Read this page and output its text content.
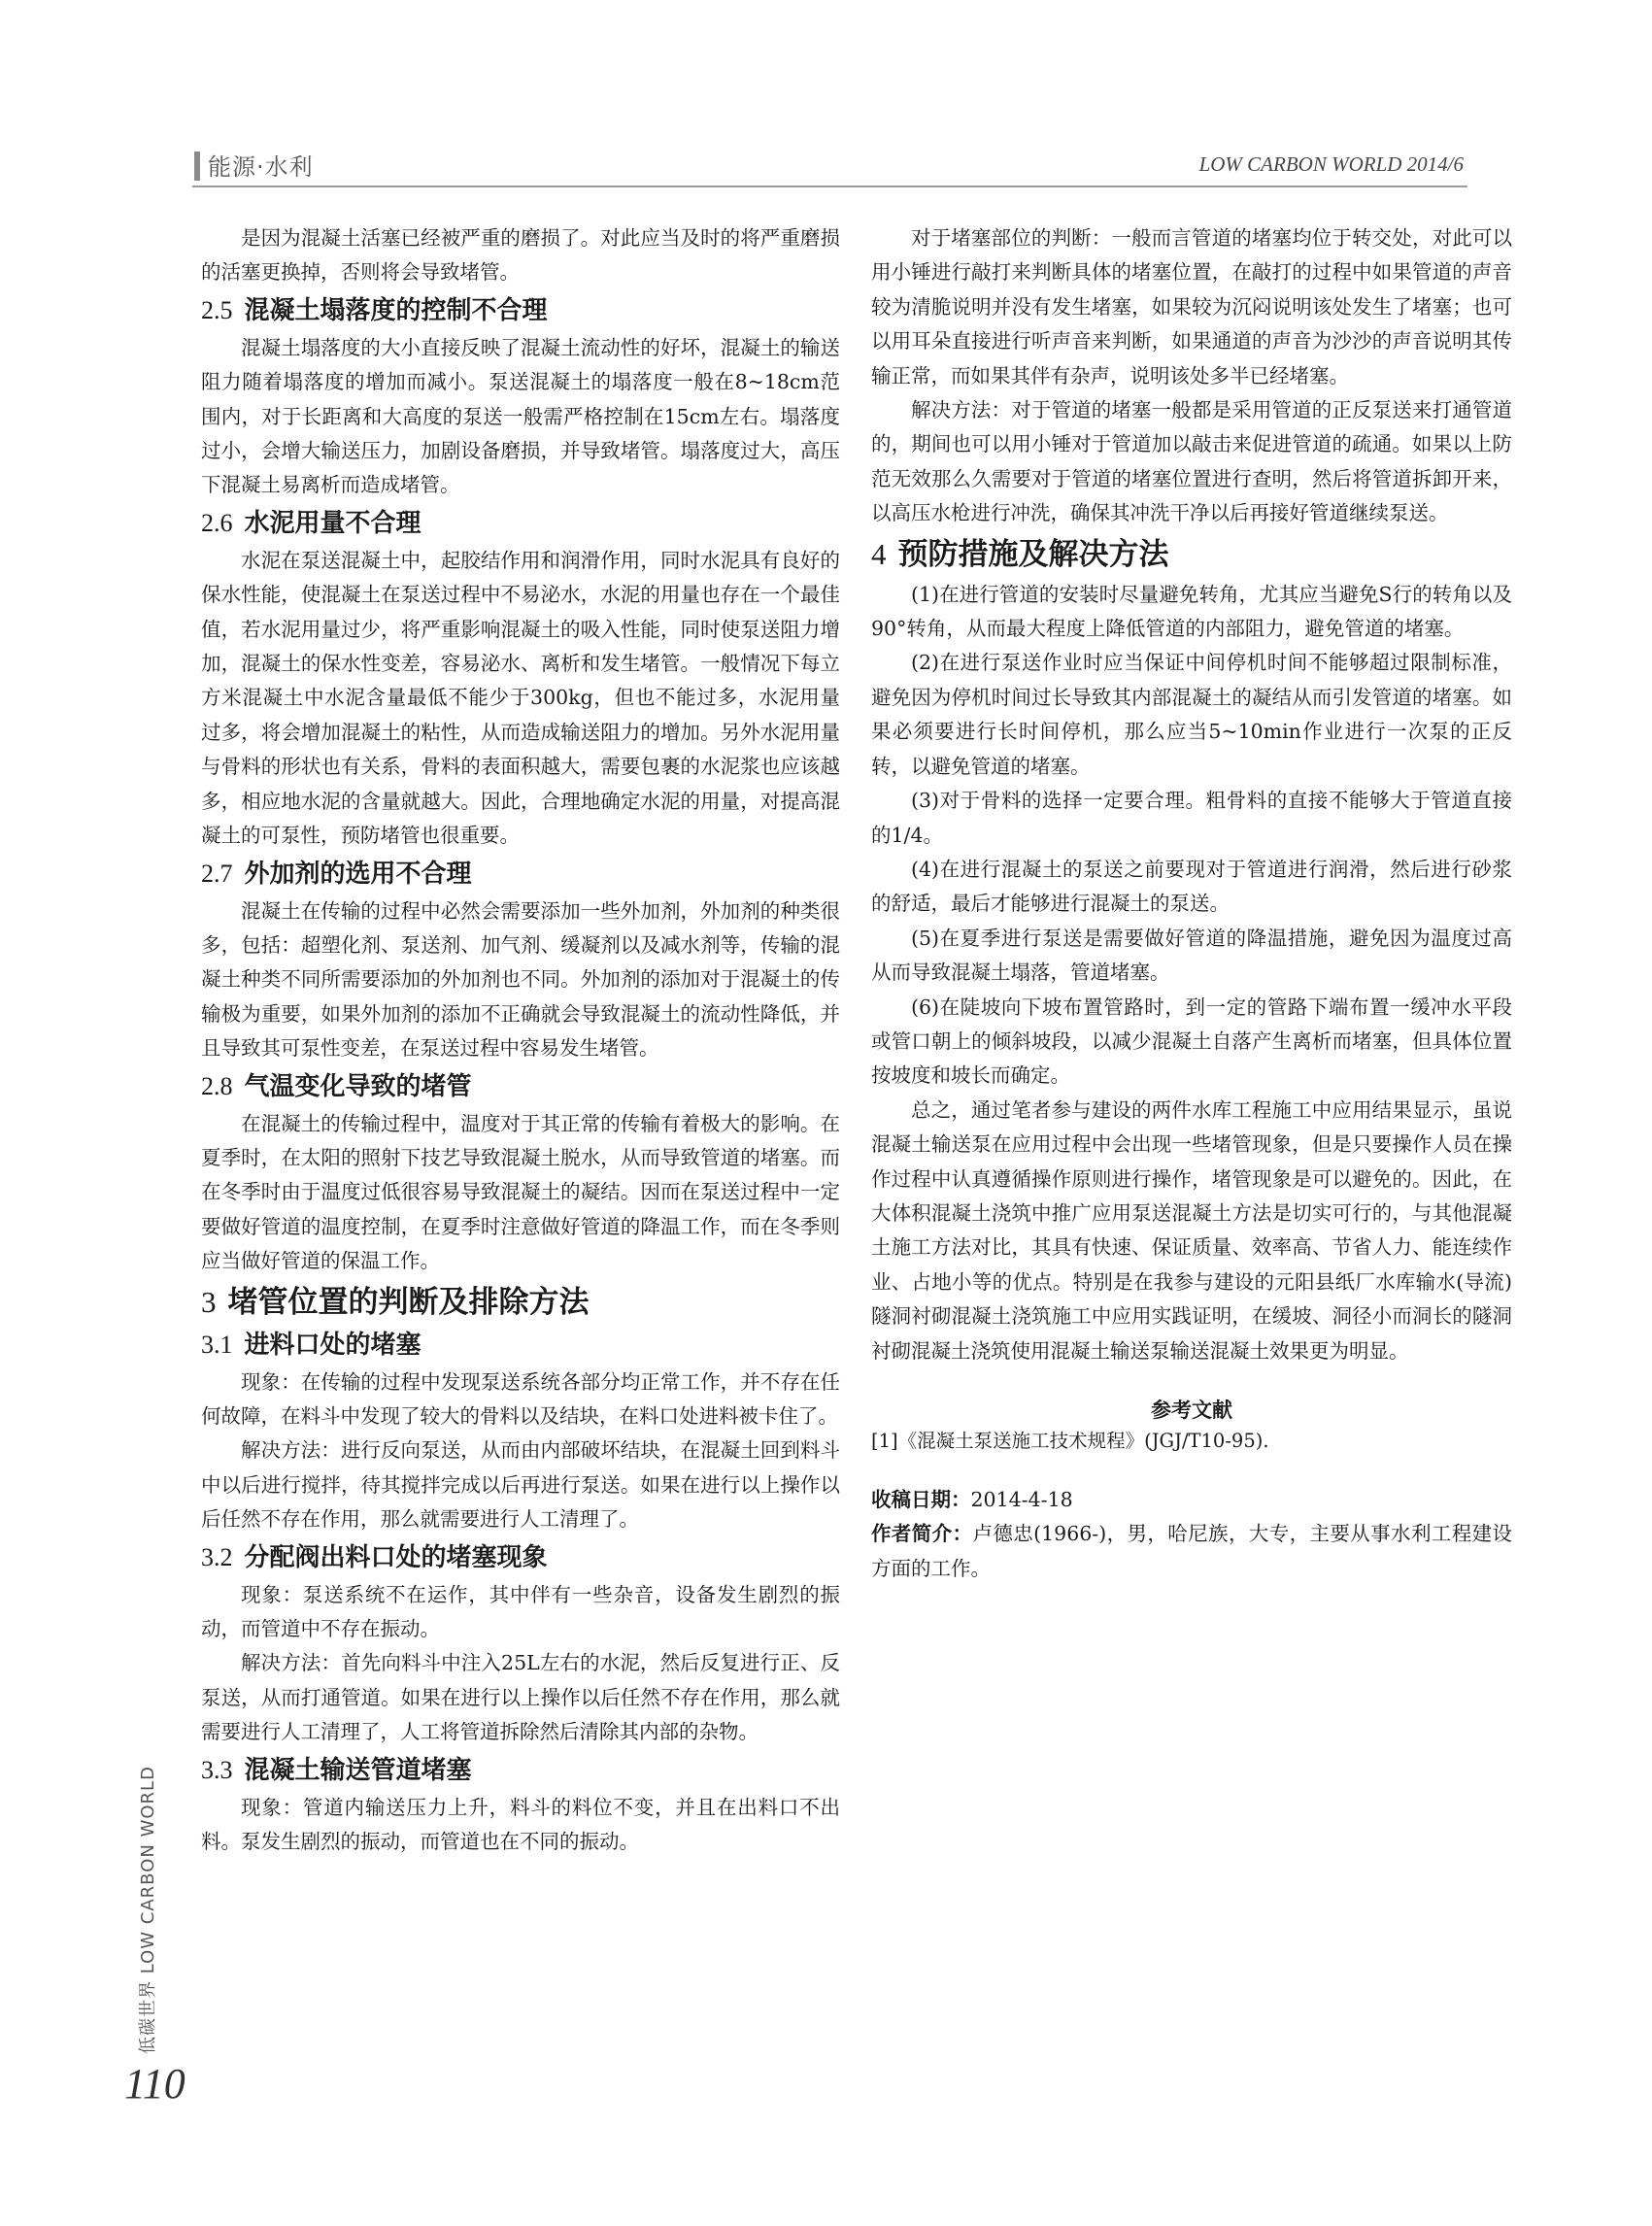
能源·水利	LOW CARBON WORLD 2014/6

是因为混凝土活塞已经被严重的磨损了。对此应当及时的将严重磨损的活塞更换掉，否则将会导致堵管。

2.5 混凝土塌落度的控制不合理

混凝土塌落度的大小直接反映了混凝土流动性的好坏，混凝土的输送阻力随着塌落度的增加而减小。泵送混凝土的塌落度一般在8~18cm范围内，对于长距离和大高度的泵送一般需严格控制在15cm左右。塌落度过小，会增大输送压力，加剧设备磨损，并导致堵管。塌落度过大，高压下混凝土易离析而造成堵管。

2.6 水泥用量不合理

水泥在泵送混凝土中，起胶结作用和润滑作用，同时水泥具有良好的保水性能，使混凝土在泵送过程中不易泌水，水泥的用量也存在一个最佳值，若水泥用量过少，将严重影响混凝土的吸入性能，同时使泵送阻力增加，混凝土的保水性变差，容易泌水、离析和发生堵管。一般情况下每立方米混凝土中水泥含量最低不能少于300kg，但也不能过多，水泥用量过多，将会增加混凝土的粘性，从而造成输送阻力的增加。另外水泥用量与骨料的形状也有关系，骨料的表面积越大，需要包裹的水泥浆也应该越多，相应地水泥的含量就越大。因此，合理地确定水泥的用量，对提高混凝土的可泵性，预防堵管也很重要。

2.7 外加剂的选用不合理

混凝土在传输的过程中必然会需要添加一些外加剂，外加剂的种类很多，包括：超塑化剂、泵送剂、加气剂、缓凝剂以及减水剂等，传输的混凝土种类不同所需要添加的外加剂也不同。外加剂的添加对于混凝土的传输极为重要，如果外加剂的添加不正确就会导致混凝土的流动性降低，并且导致其可泵性变差，在泵送过程中容易发生堵管。

2.8 气温变化导致的堵管

在混凝土的传输过程中，温度对于其正常的传输有着极大的影响。在夏季时，在太阳的照射下技艺导致混凝土脱水，从而导致管道的堵塞。而在冬季时由于温度过低很容易导致混凝土的凝结。因而在泵送过程中一定要做好管道的温度控制，在夏季时注意做好管道的降温工作，而在冬季则应当做好管道的保温工作。

3 堵管位置的判断及排除方法
3.1 进料口处的堵塞

现象：在传输的过程中发现泵送系统各部分均正常工作，并不存在任何故障，在料斗中发现了较大的骨料以及结块，在料口处进料被卡住了。

解决方法：进行反向泵送，从而由内部破坏结块，在混凝土回到料斗中以后进行搅拌，待其搅拌完成以后再进行泵送。如果在进行以上操作以后任然不存在作用，那么就需要进行人工清理了。

3.2 分配阀出料口处的堵塞现象

现象：泵送系统不在运作，其中伴有一些杂音，设备发生剧烈的振动，而管道中不存在振动。

解决方法：首先向料斗中注入25L左右的水泥，然后反复进行正、反泵送，从而打通管道。如果在进行以上操作以后任然不存在作用，那么就需要进行人工清理了，人工将管道拆除然后清除其内部的杂物。

3.3 混凝土输送管道堵塞

现象：管道内输送压力上升，料斗的料位不变，并且在出料口不出料。泵发生剧烈的振动，而管道也在不同的振动。

对于堵塞部位的判断：一般而言管道的堵塞均位于转交处，对此可以用小锤进行敲打来判断具体的堵塞位置，在敲打的过程中如果管道的声音较为清脆说明并没有发生堵塞，如果较为沉闷说明该处发生了堵塞；也可以用耳朵直接进行听声音来判断，如果通道的声音为沙沙的声音说明其传输正常，而如果其伴有杂声，说明该处多半已经堵塞。

解决方法：对于管道的堵塞一般都是采用管道的正反泵送来打通管道的，期间也可以用小锤对于管道加以敲击来促进管道的疏通。如果以上防范无效那么久需要对于管道的堵塞位置进行查明，然后将管道拆卸开来，以高压水枪进行冲洗，确保其冲洗干净以后再接好管道继续泵送。

4 预防措施及解决方法

(1)在进行管道的安装时尽量避免转角，尤其应当避免S行的转角以及90°转角，从而最大程度上降低管道的内部阻力，避免管道的堵塞。

(2)在进行泵送作业时应当保证中间停机时间不能够超过限制标准，避免因为停机时间过长导致其内部混凝土的凝结从而引发管道的堵塞。如果必须要进行长时间停机，那么应当5~10min作业进行一次泵的正反转，以避免管道的堵塞。

(3)对于骨料的选择一定要合理。粗骨料的直接不能够大于管道直接的1/4。

(4)在进行混凝土的泵送之前要现对于管道进行润滑，然后进行砂浆的舒适，最后才能够进行混凝土的泵送。

(5)在夏季进行泵送是需要做好管道的降温措施，避免因为温度过高从而导致混凝土塌落，管道堵塞。

(6)在陡坡向下坡布置管路时，到一定的管路下端布置一缓冲水平段或管口朝上的倾斜坡段，以减少混凝土自落产生离析而堵塞，但具体位置按坡度和坡长而确定。

总之，通过笔者参与建设的两件水库工程施工中应用结果显示，虽说混凝土输送泵在应用过程中会出现一些堵管现象，但是只要操作人员在操作过程中认真遵循操作原则进行操作，堵管现象是可以避免的。因此，在大体积混凝土浇筑中推广应用泵送混凝土方法是切实可行的，与其他混凝土施工方法对比，其具有快速、保证质量、效率高、节省人力、能连续作业、占地小等的优点。特别是在我参与建设的元阳县纸厂水库输水(导流)隧洞衬砌混凝土浇筑施工中应用实践证明，在缓坡、洞径小而洞长的隧洞衬砌混凝土浇筑使用混凝土输送泵输送混凝土效果更为明显。

参考文献

[1]《混凝土泵送施工技术规程》(JGJ/T10-95).

收稿日期：2014-4-18

作者简介：卢德忠(1966-)，男，哈尼族，大专，主要从事水利工程建设方面的工作。

低碳世界 LOW CARBON WORLD
110
